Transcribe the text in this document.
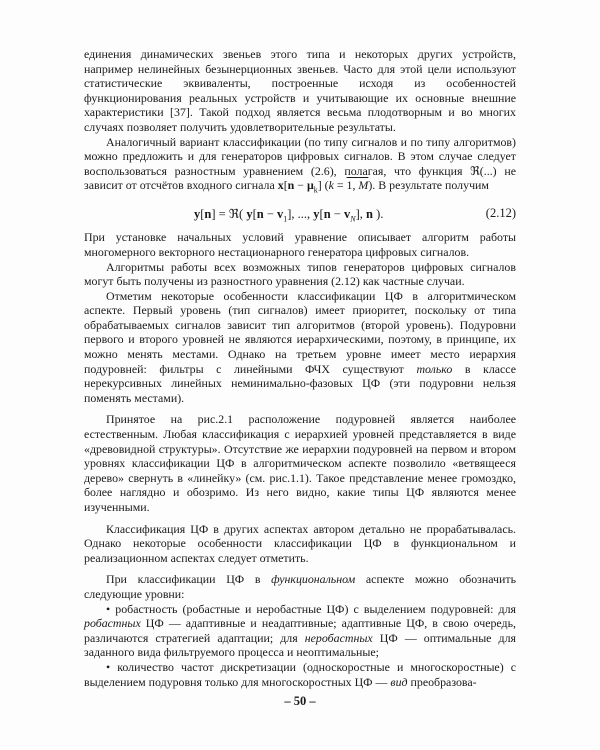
единения динамических звеньев этого типа и некоторых других устройств, например нелинейных безынерционных звеньев. Часто для этой цели используют статистические эквиваленты, построенные исходя из особенностей функционирования реальных устройств и учитывающие их основные внешние характеристики [37]. Такой подход является весьма плодотворным и во многих случаях позволяет получить удовлетворительные результаты.

Аналогичный вариант классификации (по типу сигналов и по типу алгоритмов) можно предложить и для генераторов цифровых сигналов. В этом случае следует воспользоваться разностным уравнением (2.6), полагая, что функция ℜ(...) не зависит от отсчётов входного сигнала $x[n - \mu_k]$ (k = 1, M). В результате получим

y[n] = ℜ( $y[n - v_1]$, ..., $y[n - v_N]$, n ).	(2.12)

При установке начальных условий уравнение описывает алгоритм работы многомерного векторного нестационарного генератора цифровых сигналов.

Алгоритмы работы всех возможных типов генераторов цифровых сигналов могут быть получены из разностного уравнения (2.12) как частные случаи.

Отметим некоторые особенности классификации ЦФ в алгоритмическом аспекте. Первый уровень (тип сигналов) имеет приоритет, поскольку от типа обрабатываемых сигналов зависит тип алгоритмов (второй уровень). Подуровни первого и второго уровней не являются иерархическими, поэтому, в принципе, их можно менять местами. Однако на третьем уровне имеет место иерархия подуровней: фильтры с линейными ФЧХ существуют только в классе нерекурсивных линейных неминимально-фазовых ЦФ (эти подуровни нельзя поменять местами).

Принятое на рис.2.1 расположение подуровней является наиболее естественным. Любая классификация с иерархией уровней представляется в виде «древовидной структуры». Отсутствие же иерархии подуровней на первом и втором уровнях классификации ЦФ в алгоритмическом аспекте позволило «ветвящееся дерево» свернуть в «линейку» (см. рис.1.1). Такое представление менее громоздко, более наглядно и обозримо. Из него видно, какие типы ЦФ являются менее изученными.

Классификация ЦФ в других аспектах автором детально не прорабатывалась. Однако некоторые особенности классификации ЦФ в функциональном и реализационном аспектах следует отметить.

При классификации ЦФ в функциональном аспекте можно обозначить следующие уровни:

• робастность (робастные и неробастные ЦФ) с выделением подуровней: для робастных ЦФ — адаптивные и неадаптивные; адаптивные ЦФ, в свою очередь, различаются стратегией адаптации; для неробастных ЦФ — оптимальные для заданного вида фильтруемого процесса и неоптимальные;

• количество частот дискретизации (односкоростные и многоскоростные) с выделением подуровня только для многоскоростных ЦФ — вид преобразова-

– 50 –
